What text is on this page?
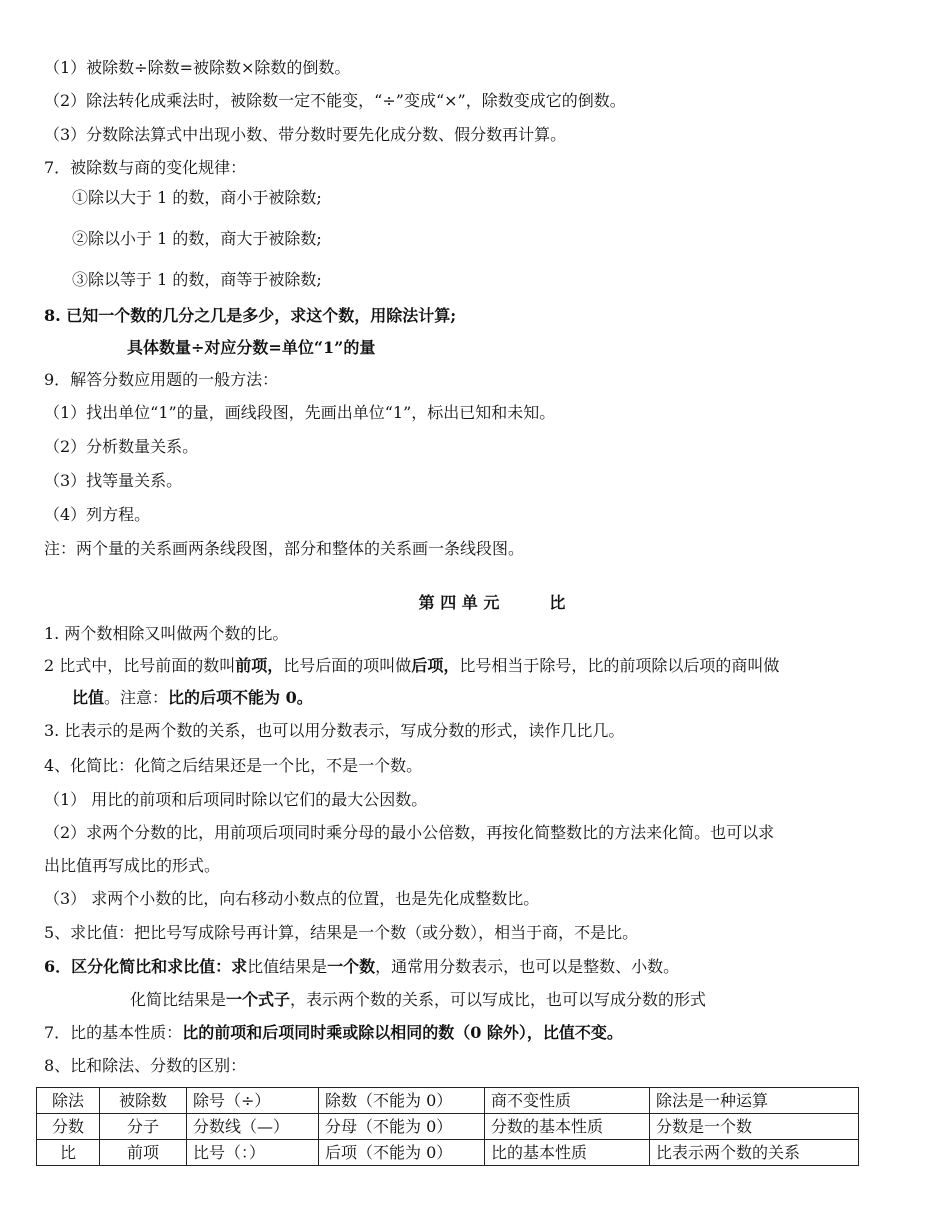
（1）被除数÷除数=被除数×除数的倒数。
（2）除法转化成乘法时，被除数一定不能变，“÷”变成“×”，除数变成它的倒数。
（3）分数除法算式中出现小数、带分数时要先化成分数、假分数再计算。
7．被除数与商的变化规律：
①除以大于 1 的数，商小于被除数;
②除以小于 1 的数，商大于被除数;
③除以等于 1 的数，商等于被除数;
8. 已知一个数的几分之几是多少，求这个数，用除法计算;
具体数量÷对应分数=单位“1”的量
9．解答分数应用题的一般方法：
（1）找出单位“1”的量，画线段图，先画出单位“1”，标出已知和未知。
（2）分析数量关系。
（3）找等量关系。
（4）列方程。
注：两个量的关系画两条线段图，部分和整体的关系画一条线段图。
第 四 单 元	比
1. 两个数相除又叫做两个数的比。
2 比式中，比号前面的数叫前项，比号后面的项叫做后项，比号相当于除号，比的前项除以后项的商叫做
比值。注意：比的后项不能为 0。
3. 比表示的是两个数的关系，也可以用分数表示，写成分数的形式，读作几比几。
4、化简比：化简之后结果还是一个比，不是一个数。
（1） 用比的前项和后项同时除以它们的最大公因数。
（2）求两个分数的比，用前项后项同时乘分母的最小公倍数，再按化简整数比的方法来化简。也可以求
出比值再写成比的形式。
（3） 求两个小数的比，向右移动小数点的位置，也是先化成整数比。
5、求比值：把比号写成除号再计算，结果是一个数（或分数），相当于商，不是比。
6．区分化简比和求比值：求比值结果是一个数，通常用分数表示，也可以是整数、小数。
化简比结果是一个式子，表示两个数的关系，可以写成比，也可以写成分数的形式
7．比的基本性质：比的前项和后项同时乘或除以相同的数（0 除外），比值不变。
8、比和除法、分数的区别：
除法	被除数	除号（÷）	除数（不能为 0）	商不变性质	除法是一种运算
分数	分子	分数线（—）	分母（不能为 0）	分数的基本性质	分数是一个数
比	前项	比号（：）	后项（不能为 0）	比的基本性质	比表示两个数的关系
